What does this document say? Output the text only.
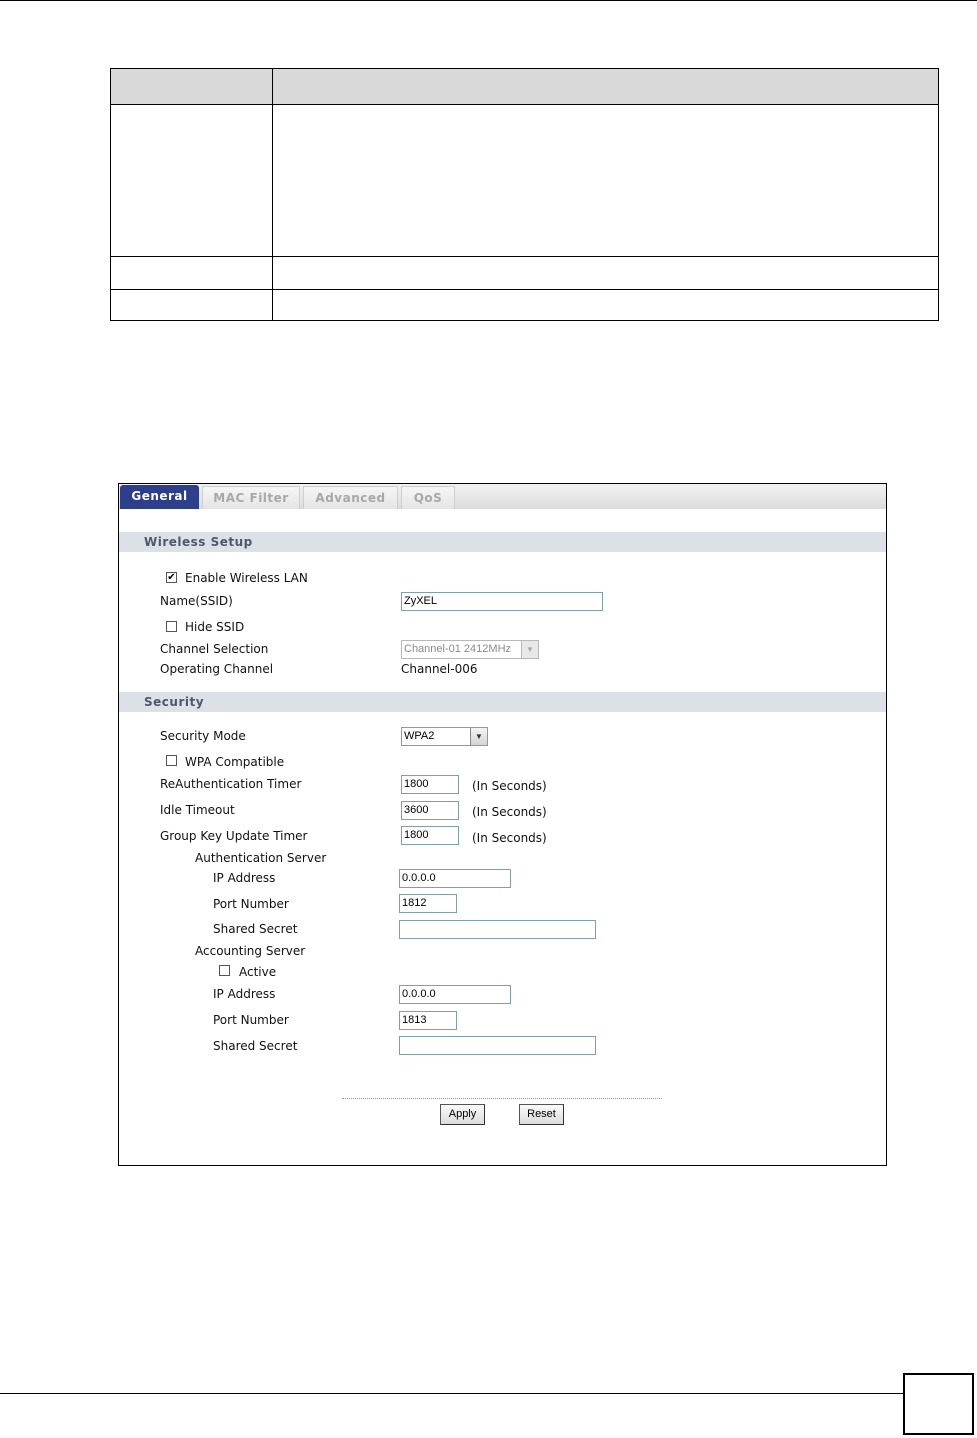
General	MAC Filter	Advanced	QoS
Wireless Setup
✔ Enable Wireless LAN
Name(SSID)	ZyXEL
Hide SSID
Channel Selection	Channel-01 2412MHz	▼
Operating Channel	Channel-006
Security
Security Mode	WPA2	▼
WPA Compatible
ReAuthentication Timer	1800	(In Seconds)
Idle Timeout	3600	(In Seconds)
Group Key Update Timer	1800	(In Seconds)
Authentication Server
IP Address	0.0.0.0
Port Number	1812
Shared Secret
Accounting Server
Active
IP Address	0.0.0.0
Port Number	1813
Shared Secret
Apply	Reset
